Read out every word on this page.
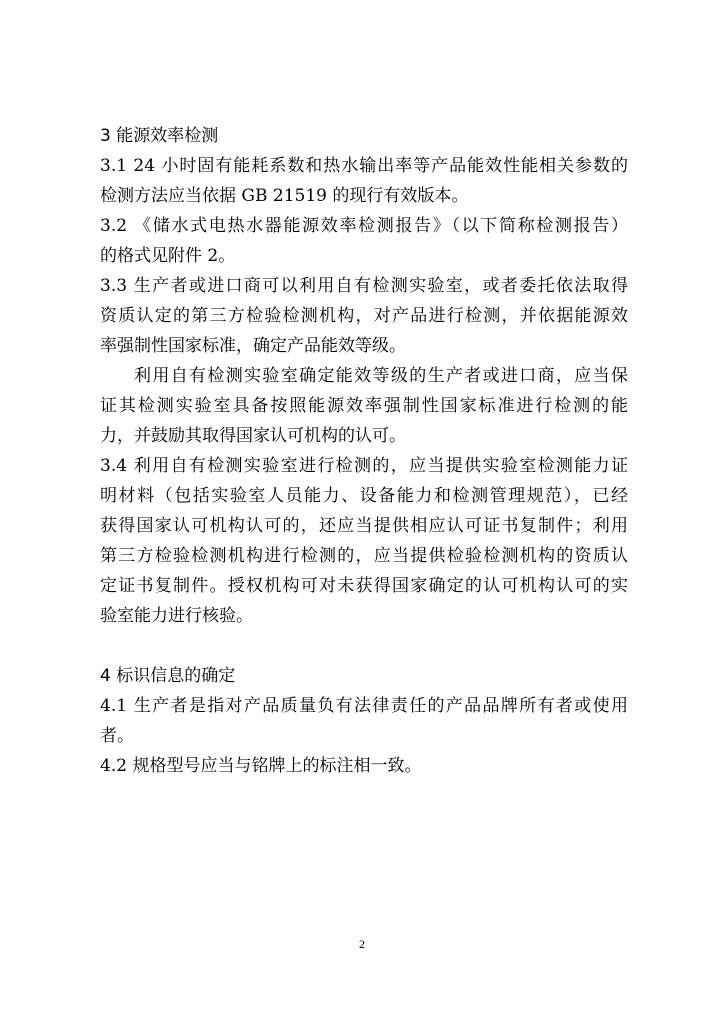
3 能源效率检测
3.1 24 小时固有能耗系数和热水输出率等产品能效性能相关参数的
检测方法应当依据 GB 21519 的现行有效版本。
3.2 《储水式电热水器能源效率检测报告》（以下简称检测报告）
的格式见附件 2。
3.3 生产者或进口商可以利用自有检测实验室，或者委托依法取得
资质认定的第三方检验检测机构，对产品进行检测，并依据能源效
率强制性国家标准，确定产品能效等级。
利用自有检测实验室确定能效等级的生产者或进口商，应当保
证其检测实验室具备按照能源效率强制性国家标准进行检测的能
力，并鼓励其取得国家认可机构的认可。
3.4 利用自有检测实验室进行检测的，应当提供实验室检测能力证
明材料（包括实验室人员能力、设备能力和检测管理规范），已经
获得国家认可机构认可的，还应当提供相应认可证书复制件；利用
第三方检验检测机构进行检测的，应当提供检验检测机构的资质认
定证书复制件。授权机构可对未获得国家确定的认可机构认可的实
验室能力进行核验。
4 标识信息的确定
4.1 生产者是指对产品质量负有法律责任的产品品牌所有者或使用
者。
4.2 规格型号应当与铭牌上的标注相一致。
2
